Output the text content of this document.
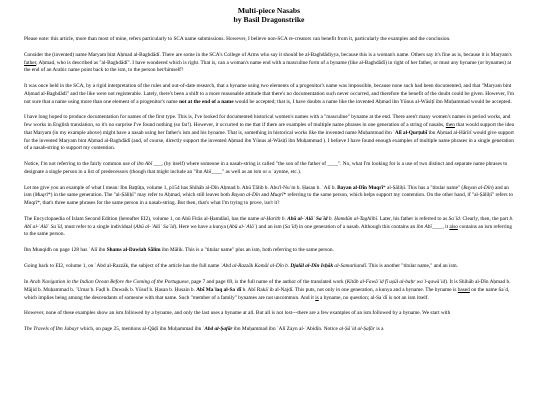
Multi-piece Nasabs
by Basil Dragonstrike

Please note: this article, more than most of mine, refers particularly to SCA name submissions. However, I believe non-SCA re-creators can benefit from it, particularly the examples and the conclusion.

Consider the (invented) name Maryam bint Aḥmad al-Baghdādī. There are some in the SCA's College of Arms who say it should be al-Baghdādiyya, because this is a woman's name. Others say it's fine as is, because it is Maryam's father, Aḥmad, who is described as "al-Baghdādī". I have wondered which is right. That is, can a woman's name end with a masculine form of a byname (like al-Baghdādī) in right of her father, or must any byname (or bynames) at the end of an Arabic name point back to the ism, to the person her/himself?

It was once held in the SCA, by a rigid interpretation of the rules and out-of-date research, that a byname using two elements of a progenitor's name was impossible, because none such had been documented, and that "Maryam bint Aḥmad al-Baghdādī" and the like were not registerable. Lately, there's been a shift to a more reasonable attitude that there's no documentation such never occurred, and therefore the benefit of the doubt could be given. However, I'm not sure that a name using more than one element of a progenitor's name not at the end of a name would be accepted; that is, I have doubts a name like the invented Aḥmad ibn Yūnus al-Wāsiṭī ibn Muḥammad would be accepted.

I have long hoped to produce documentation for names of the first type. This is, I've looked for documented historical women's names with a "masculine" byname at the end. There aren't many women's names in period works, and few works in English translation, so it's no surprise I've found nothing (so far!). However, it occurred to me that if there are examples of multiple name phrases in one generation of a string of nasabs, then that would support the idea that Maryam (in my example above) might have a nasab using her father's ism and his byname. That is, something in historical works like the invented name Muḥammad ibn ʿAlī al-Qurṭubī ibn Aḥmad al-Hārīrī would give support for the invented Maryam bint Aḥmad al-Baghdādī (and, of course, directly support the invented Aḥmad ibn Yūnus al-Wāsiṭī ibn Muḥammad ). I believe I have found enough examples of multiple name phrases in a single generation of a nasab-string to support my contention.

Notice, I'm not referring to the fairly common use of ibn Abī ___, (by itself) where someone in a nasab-string is called "the son of the father of ____". No, what I'm looking for is a use of two distinct and separate name phrases to designate a single person in a list of predecessors (though that might include an "ibn Abī____" as well as an ism or a ʿaynme, etc.).

Let me give you an example of what I mean: Ibn Baṭṭūṭa, volume 1, p154 has Shihāb al-Dīn Aḥmad b. Abū Ṭālib b. Abu'l-Nuʿm b. Ḥasan b. ʿAlī b. Bayan al-Dīn Muqrī* al-Ṣāliḥī. This has a "titular name" (Bayan al-Dīn) and an ism (Muqrī*) in the same generation. The "al-Ṣāliḥī" may refer to Aḥmad, which still leaves both Bayan al-Dīn and Muqrī* referring to the same person, which helps support my contention. On the other hand, if "al-Ṣāliḥī" refers to Muqrī*, that's three name phrases for the same person in a nasab-string. But then, that's what I'm trying to prove, isn't it?

The Encyclopaedia of Islam Second Edition (hereafter EI2), volume 1, on Abū Firās al-Ḥamdānī, has the name al-Ḥarith b. Abū al-ʿAlāʾ Saʿīd b. Ḥamdūn al-Taghlibī. Later, his father is referred to as Saʿīd. Clearly, then, the part b. Abī al-ʿAlāʾ Saʿīd, must refer to a single individual (Abū al-ʿAlāʾ Saʿīd). Here we have a kunya (Abū al-ʿAlāʾ) and an ism (Saʿīd) in one generation of a nasab. Although this contains an ibn Abī____, it also contains an ism referring to the same person.

Ibn Munqidh on page 128 has ʿAlī ibn Shams al-Dawlah Sālim ibn Mālik. This is a "titular name" plus an ism, both referring to the same person.

Going back to EI2, volume 1, on ʿAbd al-Razzāk, the subject of the article has the full name ʿAbd al-Razzāk Kamāl al-Dīn b. Djalāl al-Dīn Isḥāk al-Samarkandī. This is another "titular name," and an ism.

In Arab Navigation in the Indian Ocean Before the Coming of the Portuguese, page 7 and page 69, is the full name of the author of the translated work (Kitāb al-Fawāʾid fī uṣūl al-baḥr waʾl-qawāʿid). It is Shihāb al-Dīn Aḥmad b. Mājid b. Muḥammad b. ʿUmar b. Faḍl b. Duwaik b. Yūsuf b. Ḥasan b. Ḥusain b. Abī Maʿlaq al-Saʿdī b. Abī Rakāʾib al-Najdī. This puts, not only in one generation, a kunya and a byname. The byname is based on the name Saʿd, which implies being among the descendants of someone with that name. Such "member of a family" bynames are not uncommon. And it is a byname, no question; al-Saʿdī is not an ism itself.

However, none of these examples show an ism followed by a byname, and only the last uses a byname at all. But all is not lost---there are a few examples of an ism followed by a byname. We start with

The Travels of Ibn Jubayr which, on page 25, mentions al-Qāḍī ibn Muḥammad ibn ʿAbd al-Ṣafār ibn Muḥammad ibn ʿAlī Zayn al-ʿAbidīn. Notice al-Ṣāʾid al-Ṣafār is a
